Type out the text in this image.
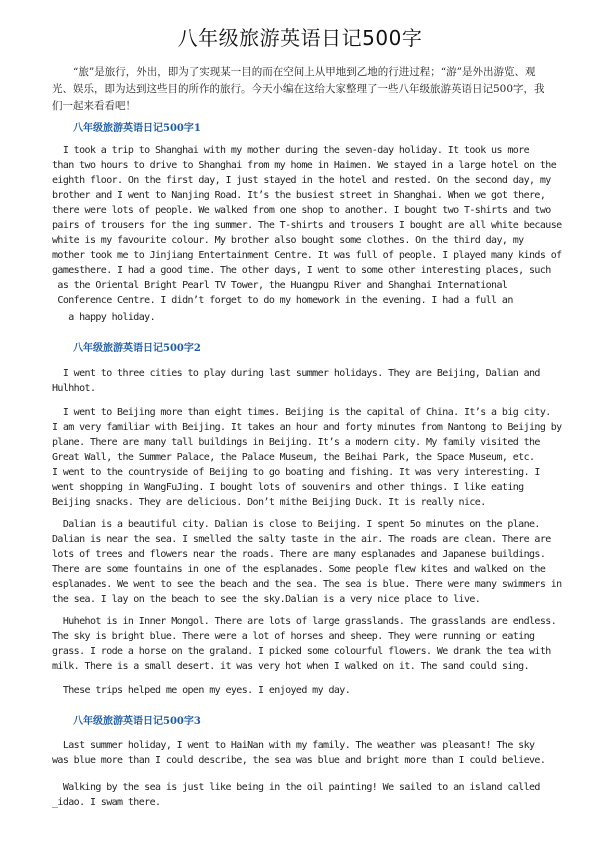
八年级旅游英语日记500字
　　“旅”是旅行，外出，即为了实现某一目的而在空间上从甲地到乙地的行进过程；“游”是外出游览、观光、娱乐，即为达到这些目的所作的旅行。今天小编在这给大家整理了一些八年级旅游英语日记500字，我们一起来看看吧！
八年级旅游英语日记500字1
I took a trip to Shanghai with my mother during the seven-day holiday. It took us more
than two hours to drive to Shanghai from my home in Haimen. We stayed in a large hotel on the
eighth floor. On the first day, I just stayed in the hotel and rested. On the second day, my
brother and I went to Nanjing Road. It’s the busiest street in Shanghai. When we got there,
there were lots of people. We walked from one shop to another. I bought two T-shirts and two
pairs of trousers for the ing summer. The T-shirts and trousers I bought are all white because
white is my favourite colour. My brother also bought some clothes. On the third day, my
mother took me to Jinjiang Entertainment Centre. It was full of people. I played many kinds of
gamesthere. I had a good time. The other days, I went to some other interesting places, such
as the Oriental Bright Pearl TV Tower, the Huangpu River and Shanghai International
Conference Centre. I didn’t forget to do my homework in the evening. I had a full an
a happy holiday.
八年级旅游英语日记500字2
I went to three cities to play during last summer holidays. They are Beijing, Dalian and
Hulhhot.
I went to Beijing more than eight times. Beijing is the capital of China. It’s a big city.
I am very familiar with Beijing. It takes an hour and forty minutes from Nantong to Beijing by
plane. There are many tall buildings in Beijing. It’s a modern city. My family visited the
Great Wall, the Summer Palace, the Palace Museum, the Beihai Park, the Space Museum, etc.
I went to the countryside of Beijing to go boating and fishing. It was very interesting. I
went shopping in WangFuJing. I bought lots of souvenirs and other things. I like eating
Beijing snacks. They are delicious. Don’t mithe Beijing Duck. It is really nice.
Dalian is a beautiful city. Dalian is close to Beijing. I spent 5o minutes on the plane.
Dalian is near the sea. I smelled the salty taste in the air. The roads are clean. There are
lots of trees and flowers near the roads. There are many esplanades and Japanese buildings.
There are some fountains in one of the esplanades. Some people flew kites and walked on the
esplanades. We went to see the beach and the sea. The sea is blue. There were many swimmers in
the sea. I lay on the beach to see the sky.Dalian is a very nice place to live.
Huhehot is in Inner Mongol. There are lots of large grasslands. The grasslands are endless.
The sky is bright blue. There were a lot of horses and sheep. They were running or eating
grass. I rode a horse on the graland. I picked some colourful flowers. We drank the tea with
milk. There is a small desert. it was very hot when I walked on it. The sand could sing.
These trips helped me open my eyes. I enjoyed my day.
八年级旅游英语日记500字3
Last summer holiday, I went to HaiNan with my family. The weather was pleasant! The sky
was blue more than I could describe, the sea was blue and bright more than I could believe.
Walking by the sea is just like being in the oil painting! We sailed to an island called
_idao. I swam there.
